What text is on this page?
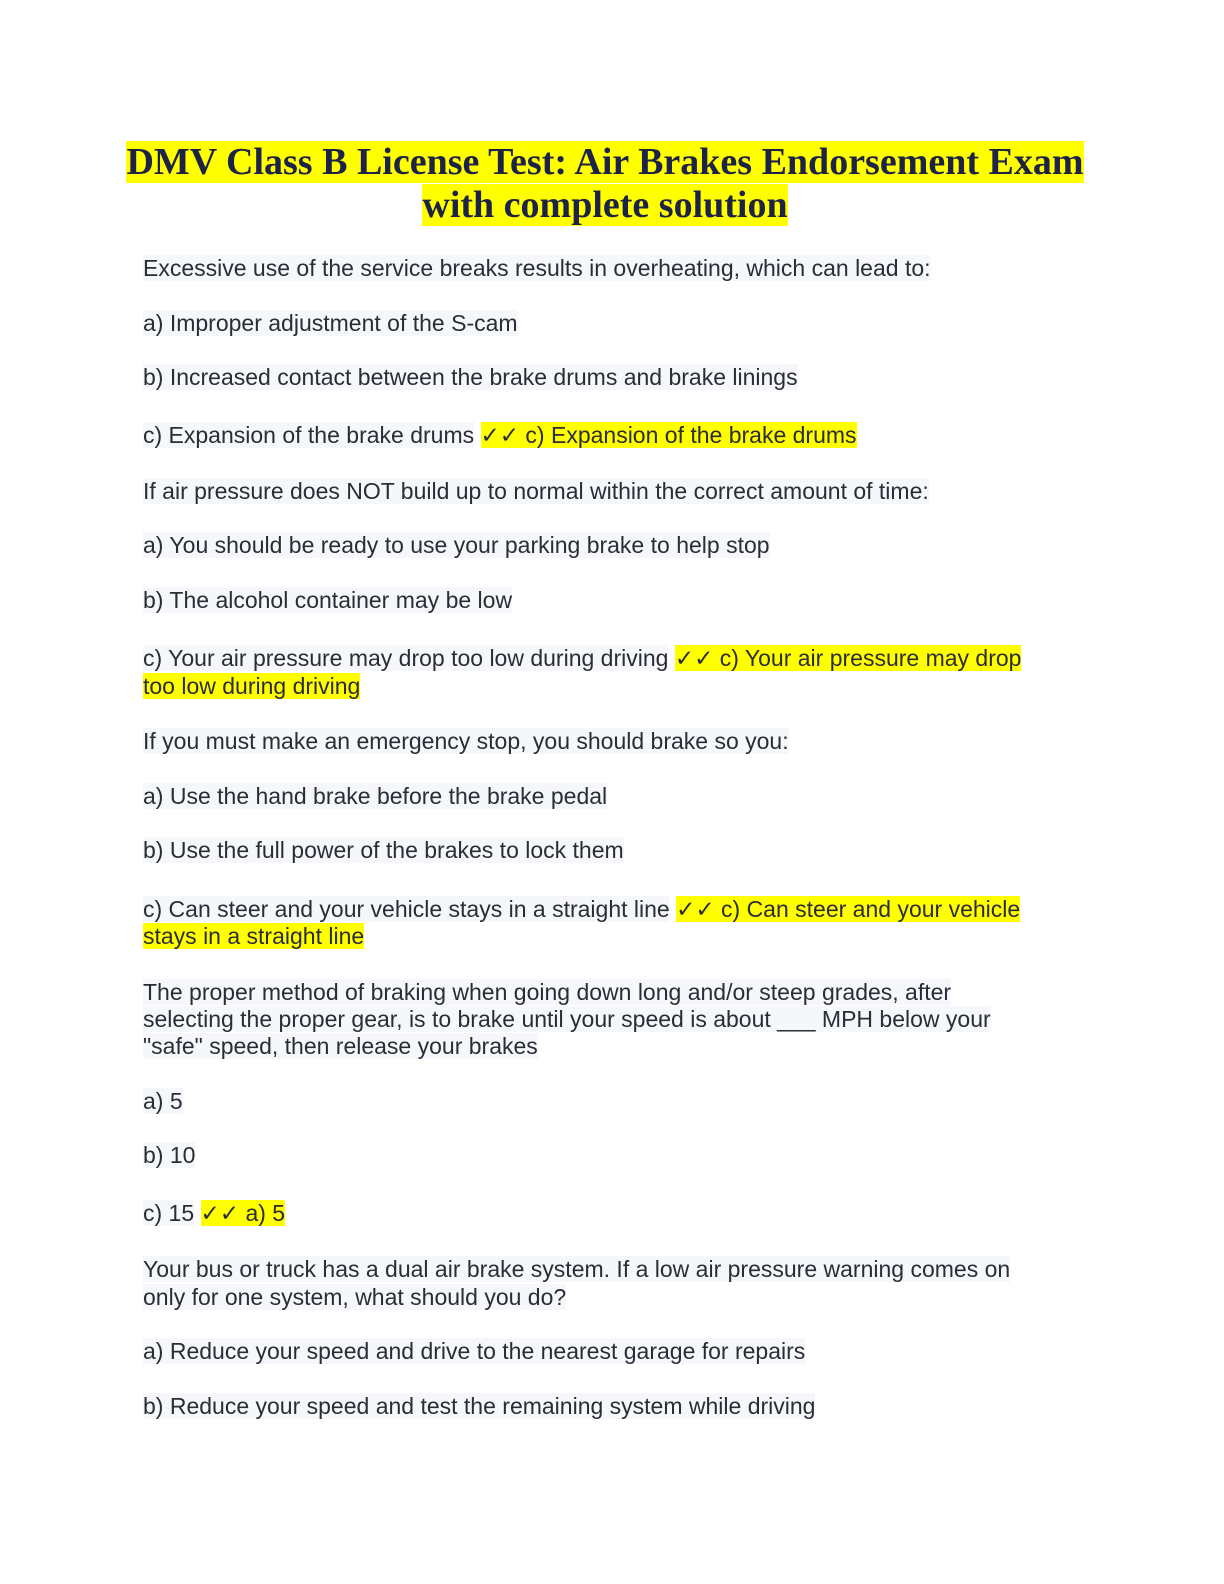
DMV Class B License Test: Air Brakes Endorsement Exam
with complete solution
Excessive use of the service breaks results in overheating, which can lead to:
a) Improper adjustment of the S-cam
b) Increased contact between the brake drums and brake linings
c) Expansion of the brake drums ✓✓ c) Expansion of the brake drums
If air pressure does NOT build up to normal within the correct amount of time:
a) You should be ready to use your parking brake to help stop
b) The alcohol container may be low
c) Your air pressure may drop too low during driving ✓✓ c) Your air pressure may drop
too low during driving
If you must make an emergency stop, you should brake so you:
a) Use the hand brake before the brake pedal
b) Use the full power of the brakes to lock them
c) Can steer and your vehicle stays in a straight line ✓✓ c) Can steer and your vehicle
stays in a straight line
The proper method of braking when going down long and/or steep grades, after
selecting the proper gear, is to brake until your speed is about ___ MPH below your
"safe" speed, then release your brakes
a) 5
b) 10
c) 15 ✓✓ a) 5
Your bus or truck has a dual air brake system. If a low air pressure warning comes on
only for one system, what should you do?
a) Reduce your speed and drive to the nearest garage for repairs
b) Reduce your speed and test the remaining system while driving
